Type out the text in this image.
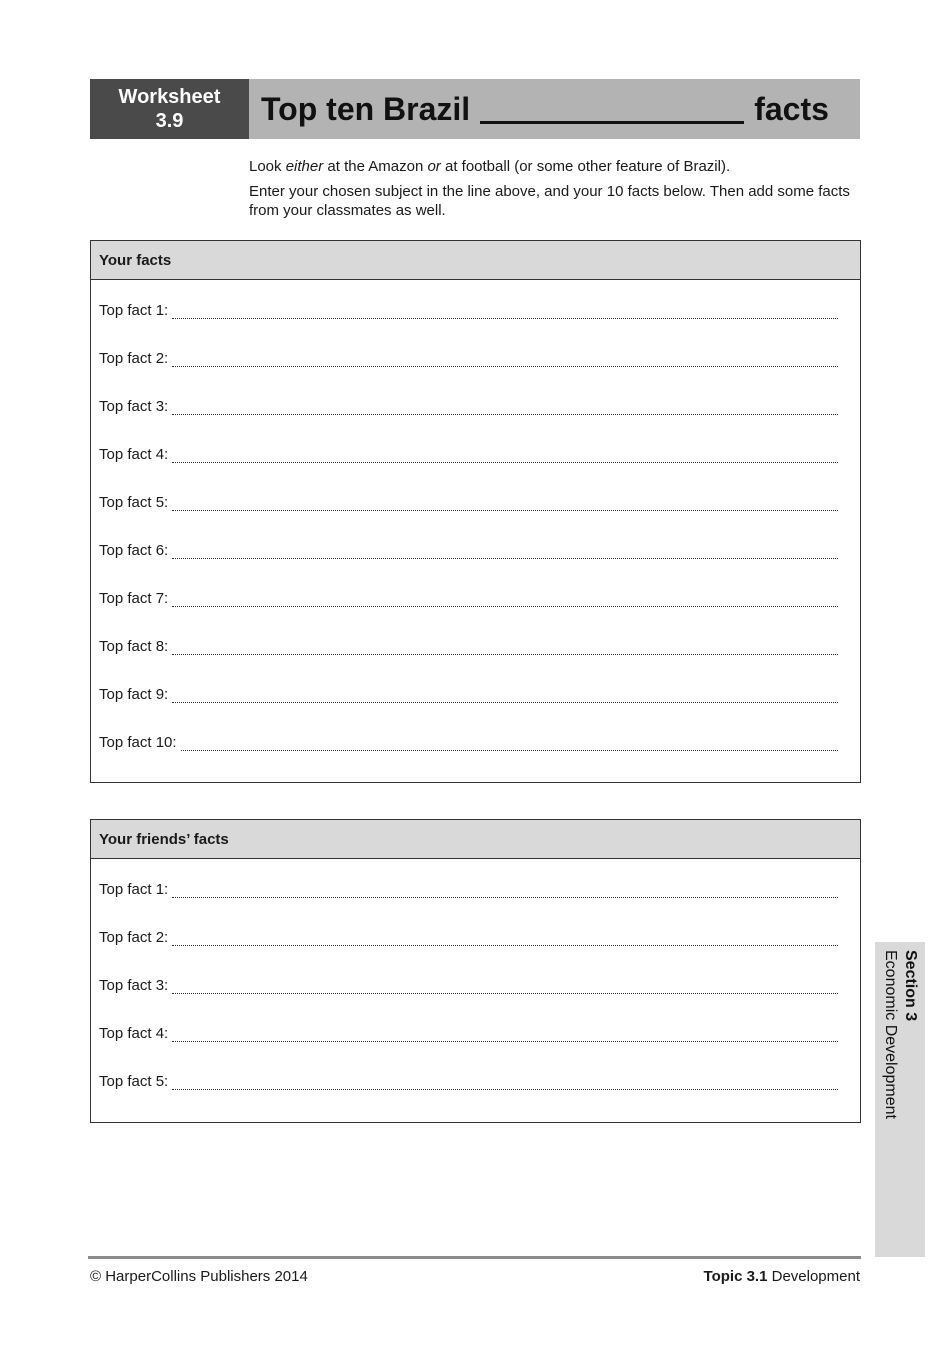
Worksheet
3.9 Top ten Brazil	facts

Look either at the Amazon or at football (or some other feature of Brazil).

Enter your chosen subject in the line above, and your 10 facts below. Then add some facts from your classmates as well.

Your facts
Top fact 1:
Top fact 2:
Top fact 3:
Top fact 4:
Top fact 5:
Top fact 6:
Top fact 7:
Top fact 8:
Top fact 9:
Top fact 10:
Your friends’ facts
Top fact 1:
Top fact 2:
Top fact 3:
Top fact 4:
Top fact 5:
Section 3
Economic Development
© HarperCollins Publishers 2014	Topic 3.1 Development
